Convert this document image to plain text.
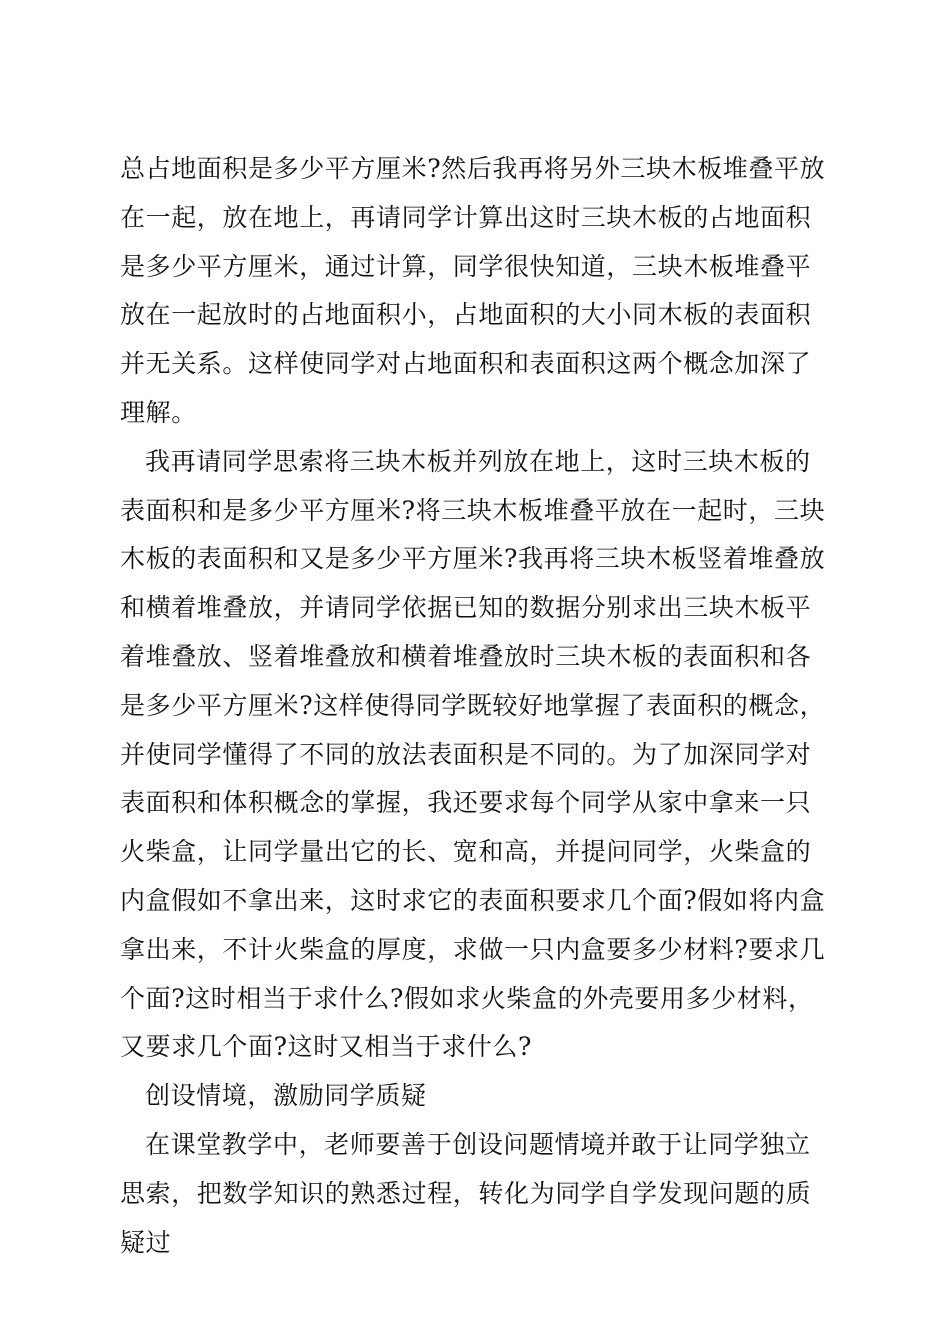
总占地面积是多少平方厘米?然后我再将另外三块木板堆叠平放在一起，放在地上，再请同学计算出这时三块木板的占地面积是多少平方厘米，通过计算，同学很快知道，三块木板堆叠平放在一起放时的占地面积小，占地面积的大小同木板的表面积并无关系。这样使同学对占地面积和表面积这两个概念加深了理解。

我再请同学思索将三块木板并列放在地上，这时三块木板的表面积和是多少平方厘米?将三块木板堆叠平放在一起时，三块木板的表面积和又是多少平方厘米?我再将三块木板竖着堆叠放和横着堆叠放，并请同学依据已知的数据分别求出三块木板平着堆叠放、竖着堆叠放和横着堆叠放时三块木板的表面积和各是多少平方厘米?这样使得同学既较好地掌握了表面积的概念，并使同学懂得了不同的放法表面积是不同的。为了加深同学对表面积和体积概念的掌握，我还要求每个同学从家中拿来一只火柴盒，让同学量出它的长、宽和高，并提问同学，火柴盒的内盒假如不拿出来，这时求它的表面积要求几个面?假如将内盒拿出来，不计火柴盒的厚度，求做一只内盒要多少材料?要求几个面?这时相当于求什么?假如求火柴盒的外壳要用多少材料，又要求几个面?这时又相当于求什么?

创设情境，激励同学质疑

在课堂教学中，老师要善于创设问题情境并敢于让同学独立思索，把数学知识的熟悉过程，转化为同学自学发现问题的质疑过
